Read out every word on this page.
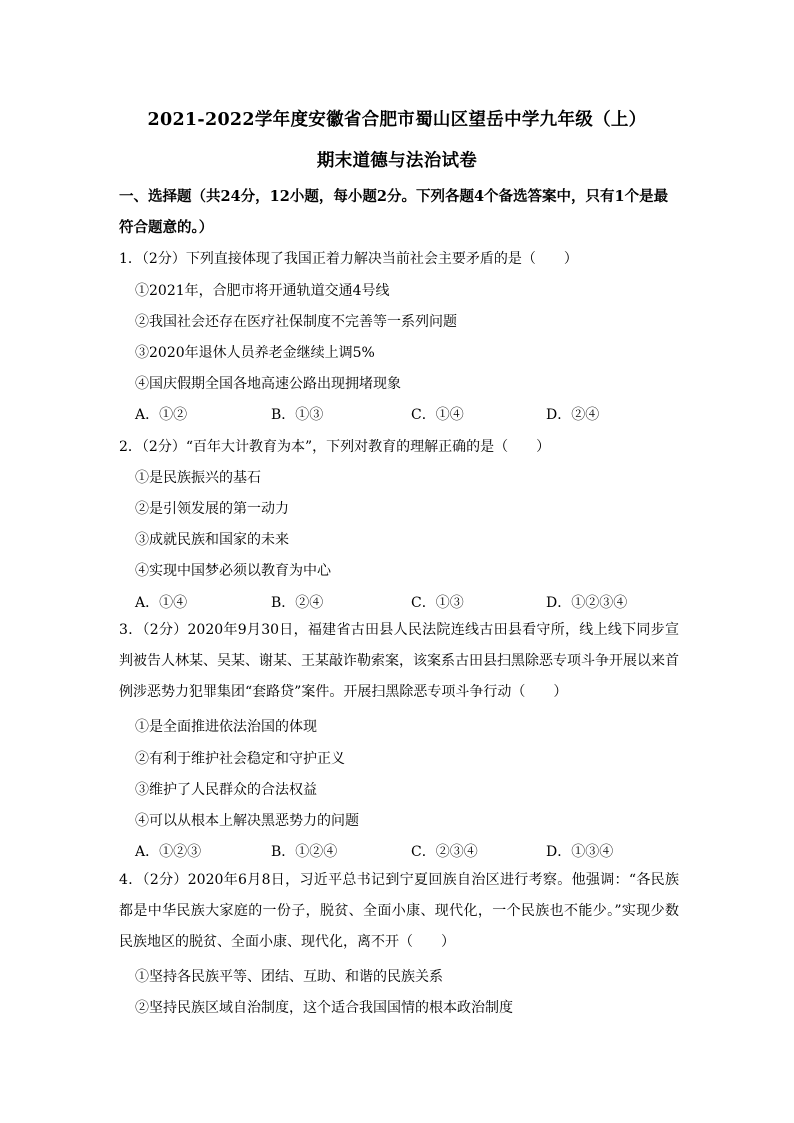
2021-2022学年度安徽省合肥市蜀山区望岳中学九年级（上）
期末道德与法治试卷
一、选择题（共24分，12小题，每小题2分。下列各题4个备选答案中，只有1个是最符合题意的。）
1．（2分）下列直接体现了我国正着力解决当前社会主要矛盾的是（　　）
①2021年，合肥市将开通轨道交通4号线
②我国社会还存在医疗社保制度不完善等一系列问题
③2020年退休人员养老金继续上调5%
④国庆假期全国各地高速公路出现拥堵现象
A．①②	B．①③	C．①④	D．②④
2．（2分）“百年大计教育为本”，下列对教育的理解正确的是（　　）
①是民族振兴的基石
②是引领发展的第一动力
③成就民族和国家的未来
④实现中国梦必须以教育为中心
A．①④	B．②④	C．①③	D．①②③④
3．（2分）2020年9月30日，福建省古田县人民法院连线古田县看守所，线上线下同步宣判被告人林某、吴某、谢某、王某敲诈勒索案，该案系古田县扫黑除恶专项斗争开展以来首例涉恶势力犯罪集团“套路贷”案件。开展扫黑除恶专项斗争行动（　　）
①是全面推进依法治国的体现
②有利于维护社会稳定和守护正义
③维护了人民群众的合法权益
④可以从根本上解决黑恶势力的问题
A．①②③	B．①②④	C．②③④	D．①③④
4．（2分）2020年6月8日，习近平总书记到宁夏回族自治区进行考察。他强调：“各民族都是中华民族大家庭的一份子，脱贫、全面小康、现代化，一个民族也不能少。”实现少数民族地区的脱贫、全面小康、现代化，离不开（　　）
①坚持各民族平等、团结、互助、和谐的民族关系
②坚持民族区域自治制度，这个适合我国国情的根本政治制度
